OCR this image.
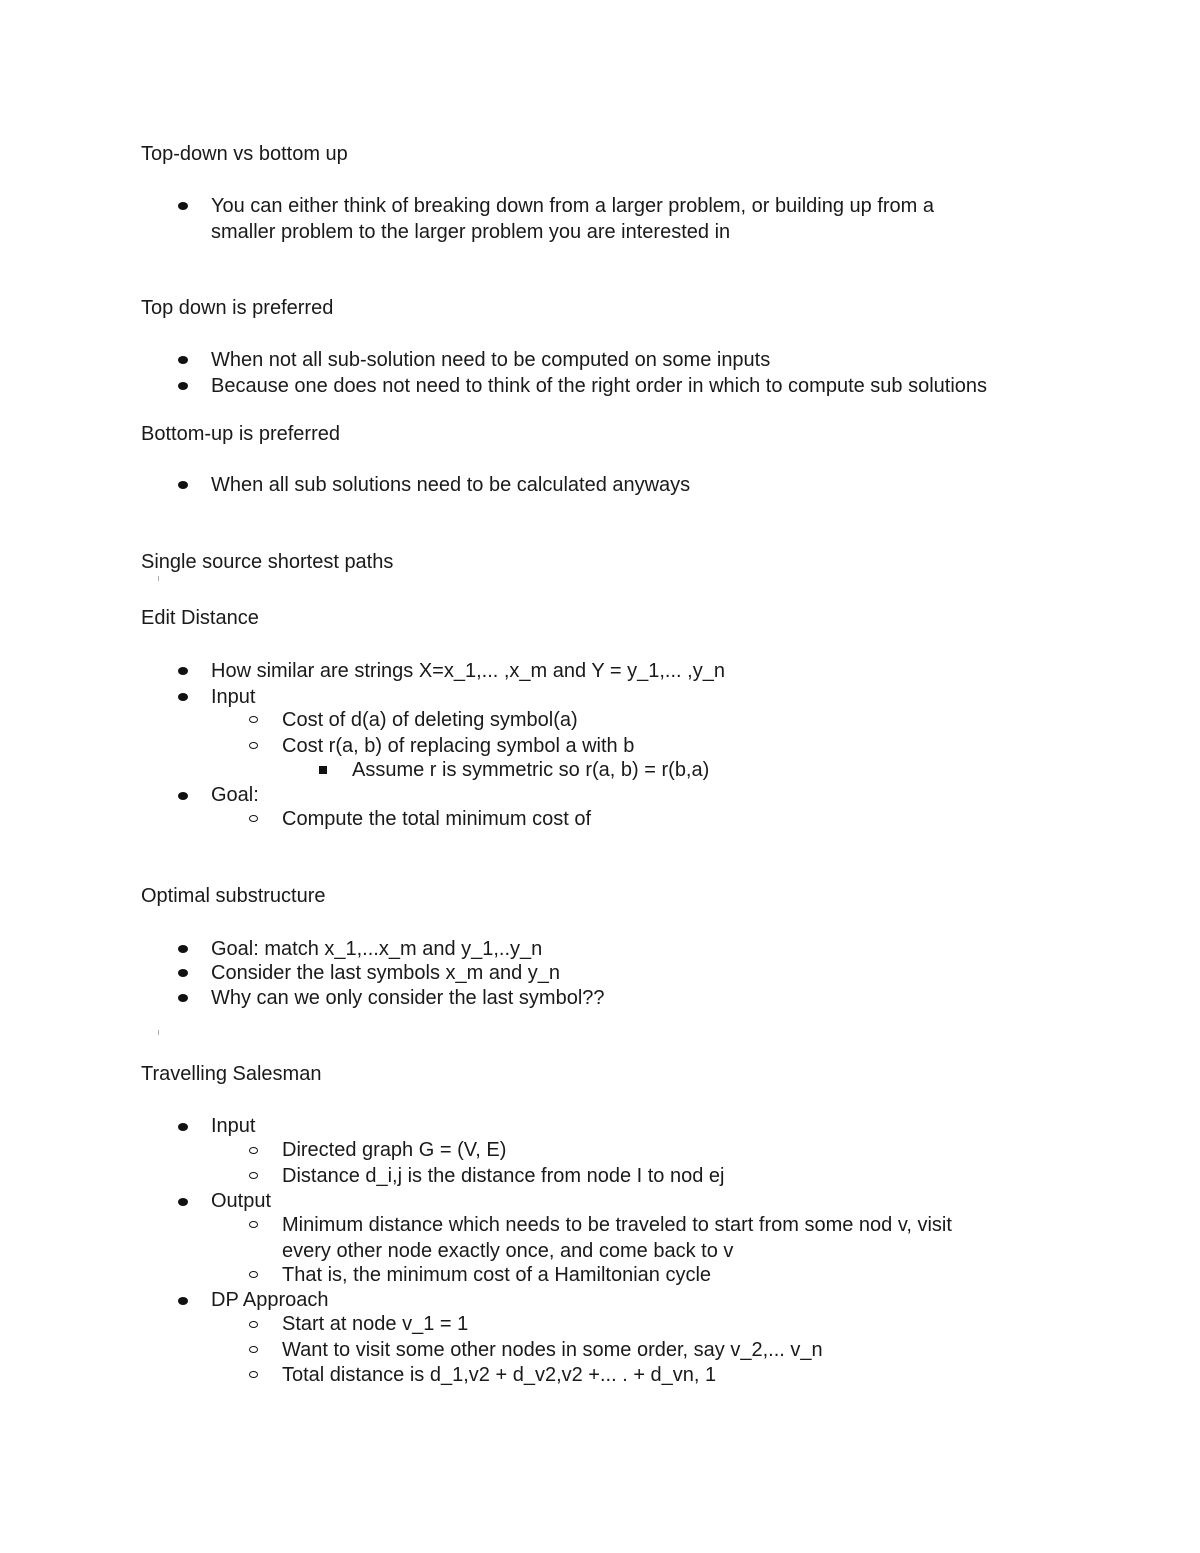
Top-down vs bottom up
You can either think of breaking down from a larger problem, or building up from a
smaller problem to the larger problem you are interested in
Top down is preferred
When not all sub-solution need to be computed on some inputs
Because one does not need to think of the right order in which to compute sub solutions
Bottom-up is preferred
When all sub solutions need to be calculated anyways
Single source shortest paths
Edit Distance
How similar are strings X=x_1,... ,x_m and Y = y_1,... ,y_n
Input
Cost of d(a) of deleting symbol(a)
Cost r(a, b) of replacing symbol a with b
Assume r is symmetric so r(a, b) = r(b,a)
Goal:
Compute the total minimum cost of
Optimal substructure
Goal: match x_1,...x_m and y_1,..y_n
Consider the last symbols x_m and y_n
Why can we only consider the last symbol??
Travelling Salesman
Input
Directed graph G = (V, E)
Distance d_i,j is the distance from node I to nod ej
Output
Minimum distance which needs to be traveled to start from some nod v, visit
every other node exactly once, and come back to v
That is, the minimum cost of a Hamiltonian cycle
DP Approach
Start at node v_1 = 1
Want to visit some other nodes in some order, say v_2,... v_n
Total distance is d_1,v2 + d_v2,v2 +... . + d_vn, 1
